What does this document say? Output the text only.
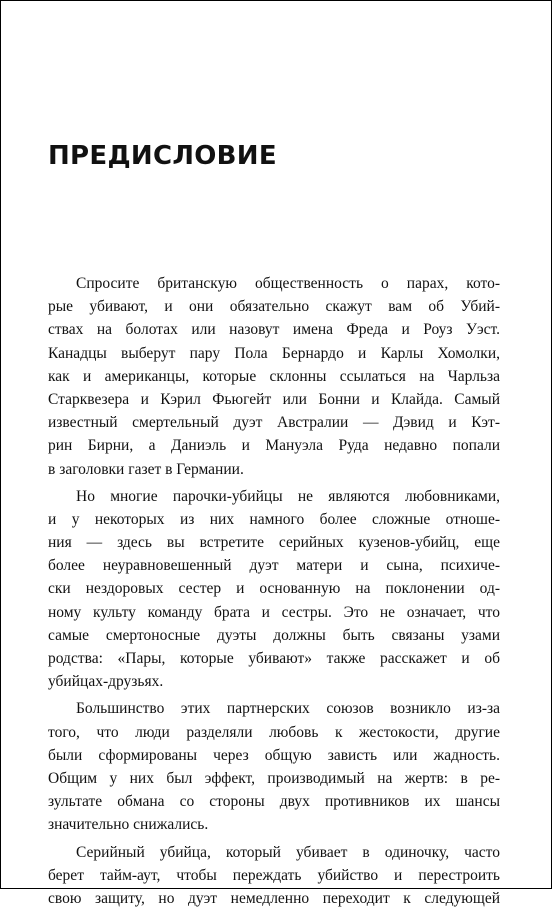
ПРЕДИСЛОВИЕ
Спросите британскую общественность о парах, кото-
рые убивают, и они обязательно скажут вам об Убий-
ствах на болотах или назовут имена Фреда и Роуз Уэст.
Канадцы выберут пару Пола Бернардо и Карлы Хомолки,
как и американцы, которые склонны ссылаться на Чарльза
Старквезера и Кэрил Фьюгейт или Бонни и Клайда. Самый
известный смертельный дуэт Австралии — Дэвид и Кэт-
рин Бирни, а Даниэль и Мануэла Руда недавно попали
в заголовки газет в Германии.
Но многие парочки-убийцы не являются любовниками,
и у некоторых из них намного более сложные отноше-
ния — здесь вы встретите серийных кузенов-убийц, еще
более неуравновешенный дуэт матери и сына, психиче-
ски нездоровых сестер и основанную на поклонении од-
ному культу команду брата и сестры. Это не означает, что
самые смертоносные дуэты должны быть связаны узами
родства: «Пары, которые убивают» также расскажет и об
убийцах-друзьях.
Большинство этих партнерских союзов возникло из-за
того, что люди разделяли любовь к жестокости, другие
были сформированы через общую зависть или жадность.
Общим у них был эффект, производимый на жертв: в ре-
зультате обмана со стороны двух противников их шансы
значительно снижались.
Серийный убийца, который убивает в одиночку, часто
берет тайм-аут, чтобы переждать убийство и перестроить
свою защиту, но дуэт немедленно переходит к следующей
